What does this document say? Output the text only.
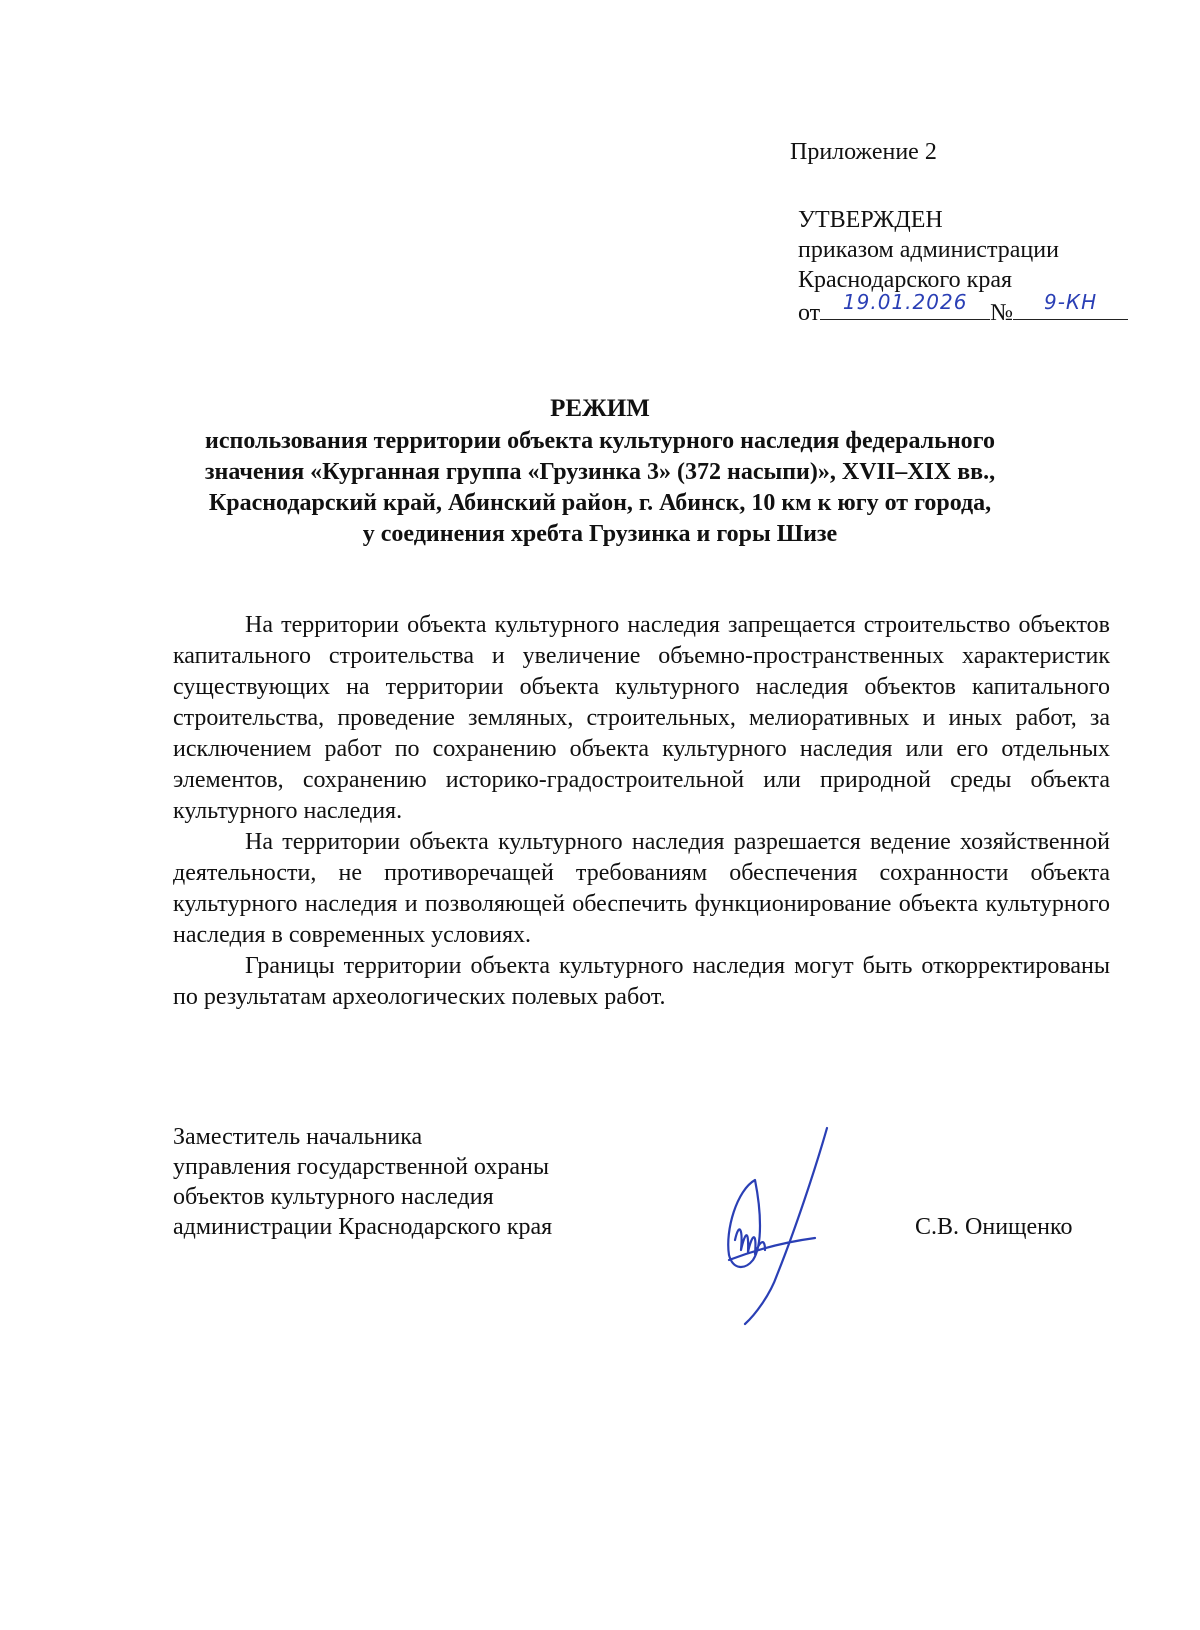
Приложение 2
УТВЕРЖДЕН
приказом администрации
Краснодарского края
от	19.01.2026 №	9-КН
РЕЖИМ
использования территории объекта культурного наследия федерального
значения «Курганная группа «Грузинка 3» (372 насыпи)», XVII–XIX вв.,
Краснодарский край, Абинский район, г. Абинск, 10 км к югу от города,
у соединения хребта Грузинка и горы Шизе

На территории объекта культурного наследия запрещается строительство объектов капитального строительства и увеличение объемно-пространственных характеристик существующих на территории объекта культурного наследия объектов капитального строительства, проведение земляных, строительных, мелиоративных и иных работ, за исключением работ по сохранению объекта культурного наследия или его отдельных элементов, сохранению историко-градостроительной или природной среды объекта культурного наследия.

На территории объекта культурного наследия разрешается ведение хозяйственной деятельности, не противоречащей требованиям обеспечения сохранности объекта культурного наследия и позволяющей обеспечить функционирование объекта культурного наследия в современных условиях.

Границы территории объекта культурного наследия могут быть откорректированы по результатам археологических полевых работ.

Заместитель начальника
управления государственной охраны
объектов культурного наследия
администрации Краснодарского края	С.В. Онищенко
